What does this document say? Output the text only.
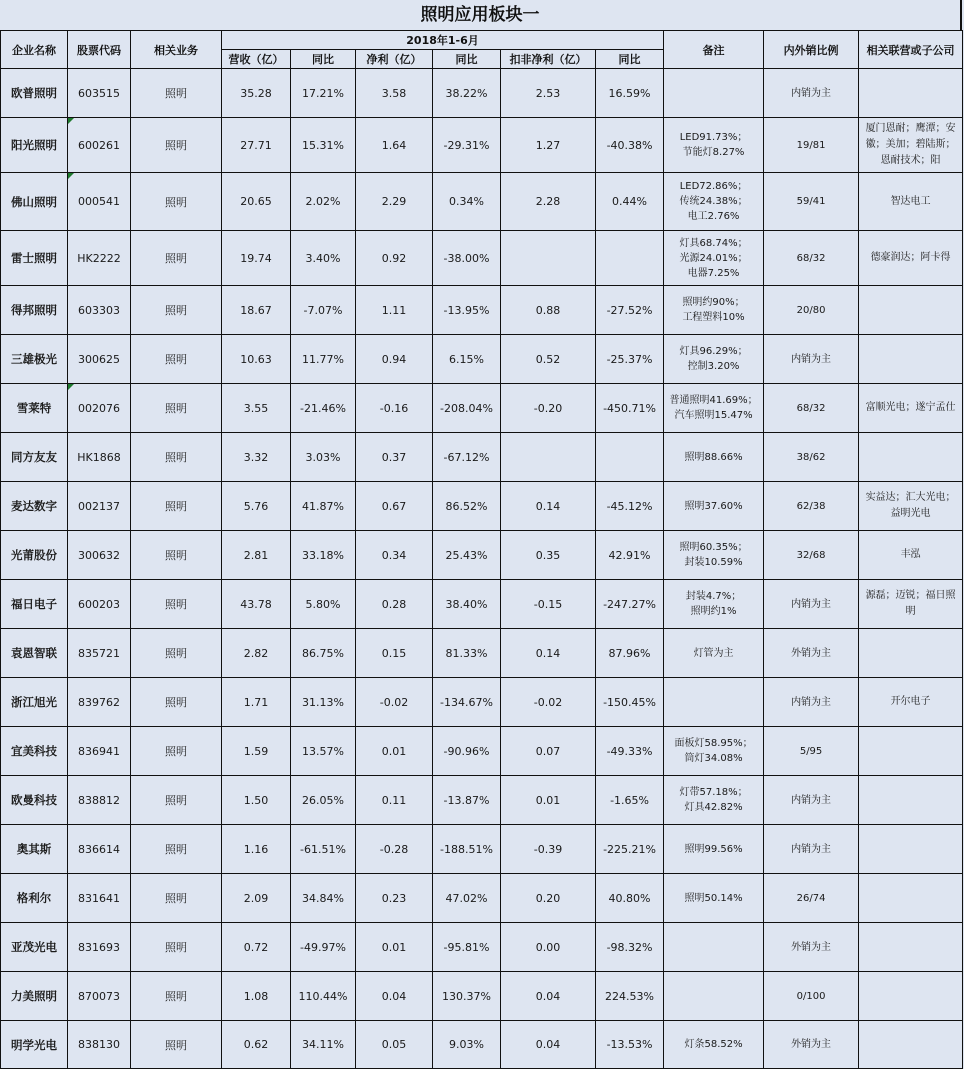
照明应用板块一
企业名称	股票代码	相关业务	2018年1-6月						备注	内外销比例	相关联营或子公司
			营收（亿）	同比	净利（亿）	同比	扣非净利（亿）	同比			
欧普照明	603515	照明	35.28	17.21%	3.58	38.22%	2.53	16.59%		内销为主	
阳光照明	600261	照明	27.71	15.31%	1.64	-29.31%	1.27	-40.38%	LED91.73%；
节能灯8.27%	19/81	厦门恩耐；鹰潭；安徽；美加；碧陆斯；恩耐技术；阳
佛山照明	000541	照明	20.65	2.02%	2.29	0.34%	2.28	0.44%	LED72.86%；
传统24.38%；
电工2.76%	59/41	智达电工
雷士照明	HK2222	照明	19.74	3.40%	0.92	-38.00%			灯具68.74%；
光源24.01%；
电器7.25%	68/32	德豪润达；阿卡得
得邦照明	603303	照明	18.67	-7.07%	1.11	-13.95%	0.88	-27.52%	照明约90%；
工程塑料10%	20/80	
三雄极光	300625	照明	10.63	11.77%	0.94	6.15%	0.52	-25.37%	灯具96.29%；
控制3.20%	内销为主	
雪莱特	002076	照明	3.55	-21.46%	-0.16	-208.04%	-0.20	-450.71%	普通照明41.69%；
汽车照明15.47%	68/32	富顺光电；遂宁孟仕
同方友友	HK1868	照明	3.32	3.03%	0.37	-67.12%			照明88.66%	38/62	
麦达数字	002137	照明	5.76	41.87%	0.67	86.52%	0.14	-45.12%	照明37.60%	62/38	实益达；汇大光电；益明光电
光莆股份	300632	照明	2.81	33.18%	0.34	25.43%	0.35	42.91%	照明60.35%；
封装10.59%	32/68	丰泓
福日电子	600203	照明	43.78	5.80%	0.28	38.40%	-0.15	-247.27%	封装4.7%；
照明约1%	内销为主	源磊；迈锐；福日照明
袁恩智联	835721	照明	2.82	86.75%	0.15	81.33%	0.14	87.96%	灯管为主	外销为主	
浙江旭光	839762	照明	1.71	31.13%	-0.02	-134.67%	-0.02	-150.45%		内销为主	开尔电子
宜美科技	836941	照明	1.59	13.57%	0.01	-90.96%	0.07	-49.33%	面板灯58.95%；
筒灯34.08%	5/95	
欧曼科技	838812	照明	1.50	26.05%	0.11	-13.87%	0.01	-1.65%	灯带57.18%；
灯具42.82%	内销为主	
奥其斯	836614	照明	1.16	-61.51%	-0.28	-188.51%	-0.39	-225.21%	照明99.56%	内销为主	
格利尔	831641	照明	2.09	34.84%	0.23	47.02%	0.20	40.80%	照明50.14%	26/74	
亚茂光电	831693	照明	0.72	-49.97%	0.01	-95.81%	0.00	-98.32%		外销为主	
力美照明	870073	照明	1.08	110.44%	0.04	130.37%	0.04	224.53%		0/100	
明学光电	838130	照明	0.62	34.11%	0.05	9.03%	0.04	-13.53%	灯条58.52%	外销为主	
